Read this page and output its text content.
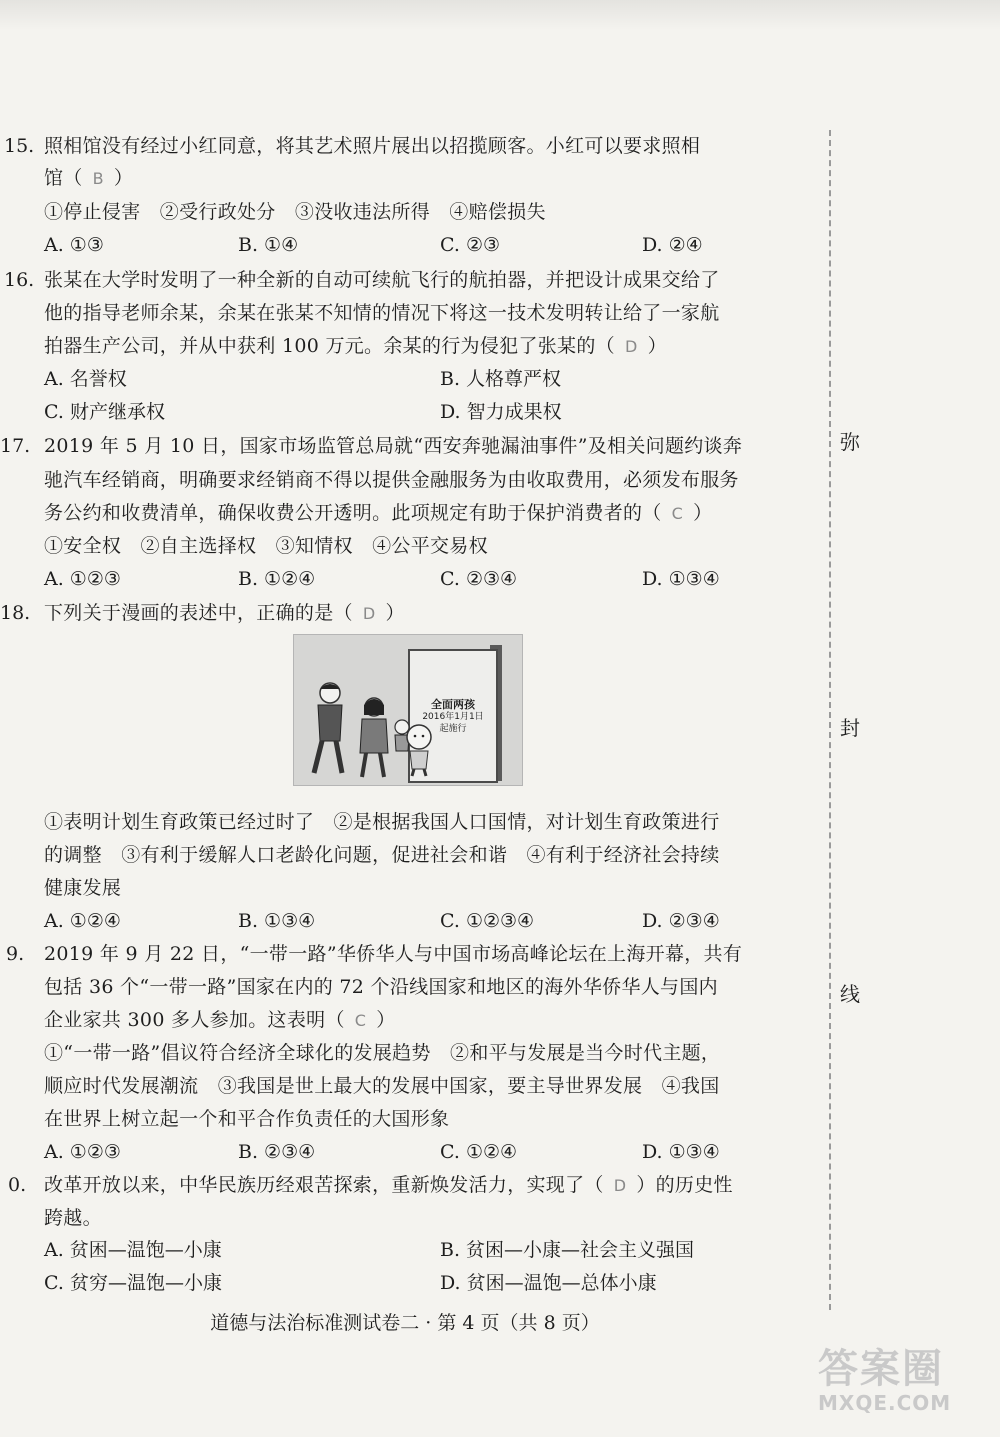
15. 照相馆没有经过小红同意，将其艺术照片展出以招揽顾客。小红可以要求照相
馆（ B ）
①停止侵害　②受行政处分　③没收违法所得　④赔偿损失
A. ①③	B. ①④	C. ②③	D. ②④
16. 张某在大学时发明了一种全新的自动可续航飞行的航拍器，并把设计成果交给了
他的指导老师余某，余某在张某不知情的情况下将这一技术发明转让给了一家航
拍器生产公司，并从中获利 100 万元。余某的行为侵犯了张某的（ D ）
A. 名誉权	B. 人格尊严权
C. 财产继承权	D. 智力成果权
17. 2019 年 5 月 10 日，国家市场监管总局就“西安奔驰漏油事件”及相关问题约谈奔
驰汽车经销商，明确要求经销商不得以提供金融服务为由收取费用，必须发布服务
务公约和收费清单，确保收费公开透明。此项规定有助于保护消费者的（ C ）
①安全权　②自主选择权　③知情权　④公平交易权
A. ①②③	B. ①②④	C. ②③④	D. ①③④
18. 下列关于漫画的表述中，正确的是（ D ）
全面两孩
2016年1月1日
起施行
①表明计划生育政策已经过时了　②是根据我国人口国情，对计划生育政策进行
的调整　③有利于缓解人口老龄化问题，促进社会和谐　④有利于经济社会持续
健康发展
A. ①②④	B. ①③④	C. ①②③④	D. ②③④
9. 2019 年 9 月 22 日，“一带一路”华侨华人与中国市场高峰论坛在上海开幕，共有
包括 36 个“一带一路”国家在内的 72 个沿线国家和地区的海外华侨华人与国内
企业家共 300 多人参加。这表明（ C ）
①“一带一路”倡议符合经济全球化的发展趋势　②和平与发展是当今时代主题，
顺应时代发展潮流　③我国是世上最大的发展中国家，要主导世界发展　④我国
在世界上树立起一个和平合作负责任的大国形象
A. ①②③	B. ②③④	C. ①②④	D. ①③④
0. 改革开放以来，中华民族历经艰苦探索，重新焕发活力，实现了（ D ）的历史性
跨越。
A. 贫困—温饱—小康	B. 贫困—小康—社会主义强国
C. 贫穷—温饱—小康	D. 贫困—温饱—总体小康
弥
封
线
道德与法治标准测试卷二 · 第 4 页（共 8 页）
答案圈
MXQE.COM
